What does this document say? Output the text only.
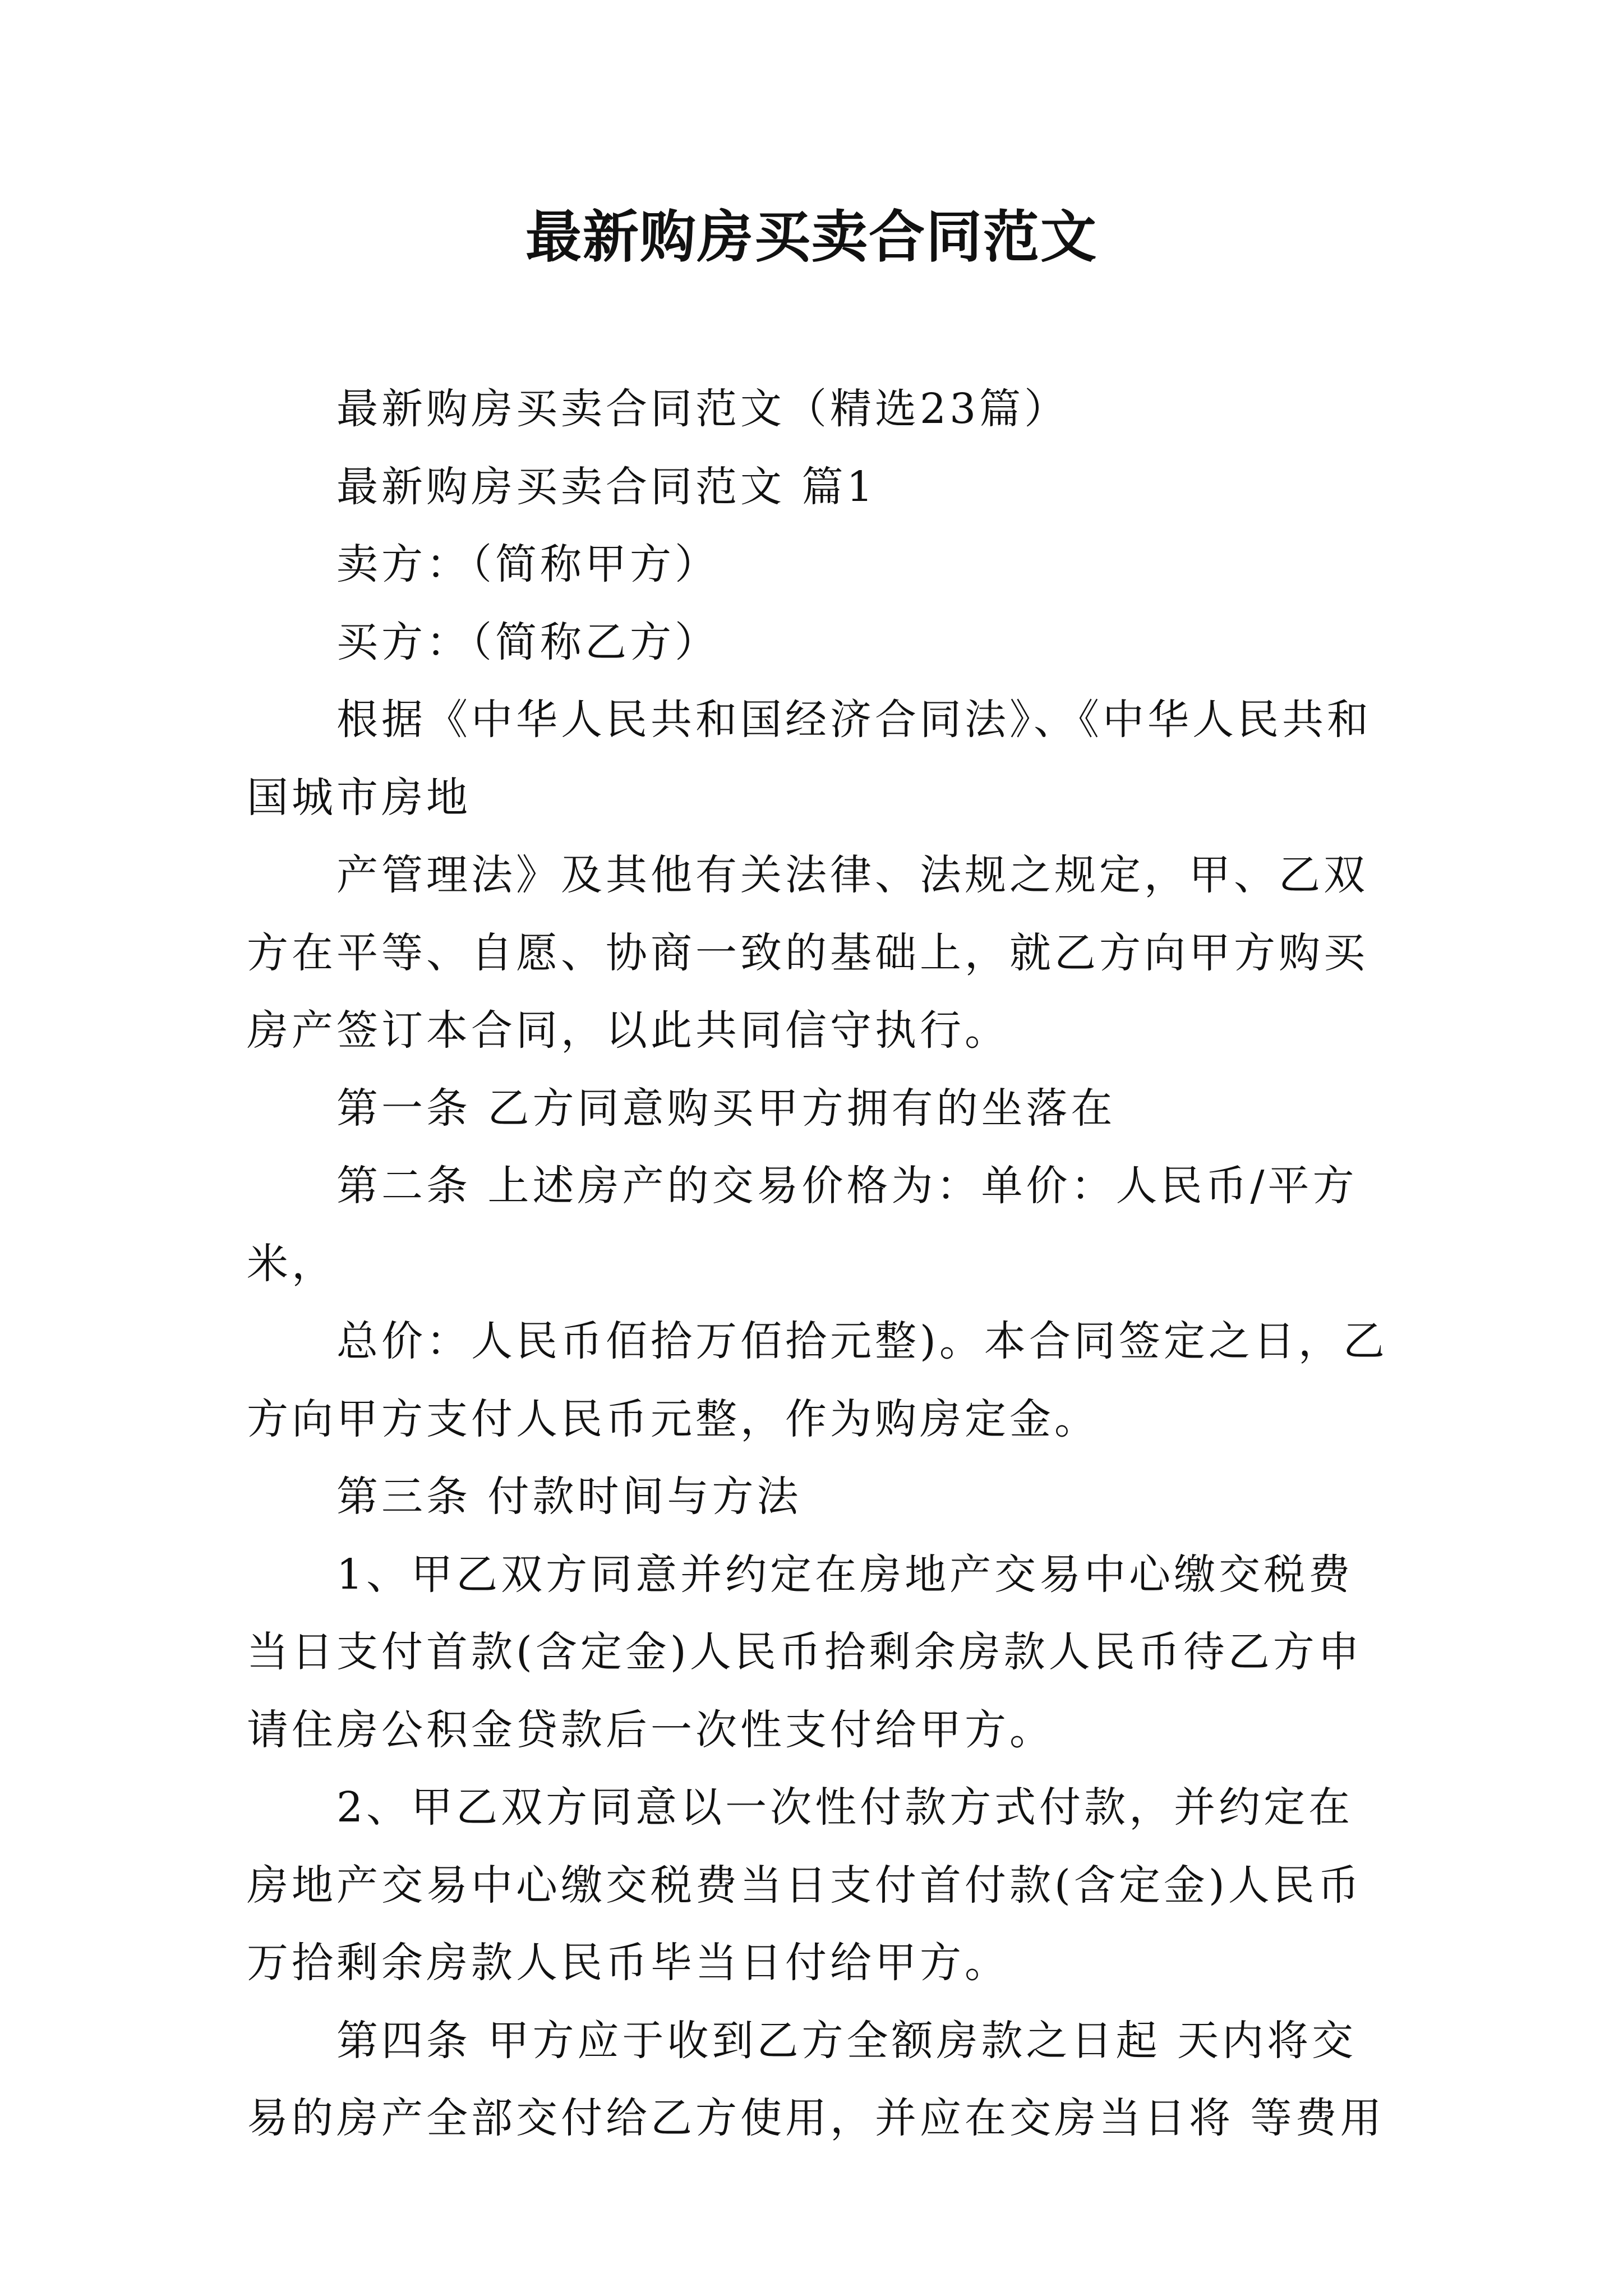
最新购房买卖合同范文

最新购房买卖合同范文（精选23篇）

最新购房买卖合同范文 篇1

卖方：（简称甲方）

买方：（简称乙方）

根据《中华人民共和国经济合同法》、《中华人民共和国城市房地

产管理法》及其他有关法律、法规之规定，甲、乙双方在平等、自愿、协商一致的基础上，就乙方向甲方购买房产签订本合同，以此共同信守执行。

第一条 乙方同意购买甲方拥有的坐落在

第二条 上述房产的交易价格为：单价：人民币/平方米，

总价：人民币佰拾万佰拾元整)。本合同签定之日，乙方向甲方支付人民币元整，作为购房定金。

第三条 付款时间与方法

1、甲乙双方同意并约定在房地产交易中心缴交税费当日支付首款(含定金)人民币拾剩余房款人民币待乙方申请住房公积金贷款后一次性支付给甲方。

2、甲乙双方同意以一次性付款方式付款，并约定在房地产交易中心缴交税费当日支付首付款(含定金)人民币万拾剩余房款人民币毕当日付给甲方。

第四条 甲方应于收到乙方全额房款之日起 天内将交易的房产全部交付给乙方使用，并应在交房当日将 等费用
